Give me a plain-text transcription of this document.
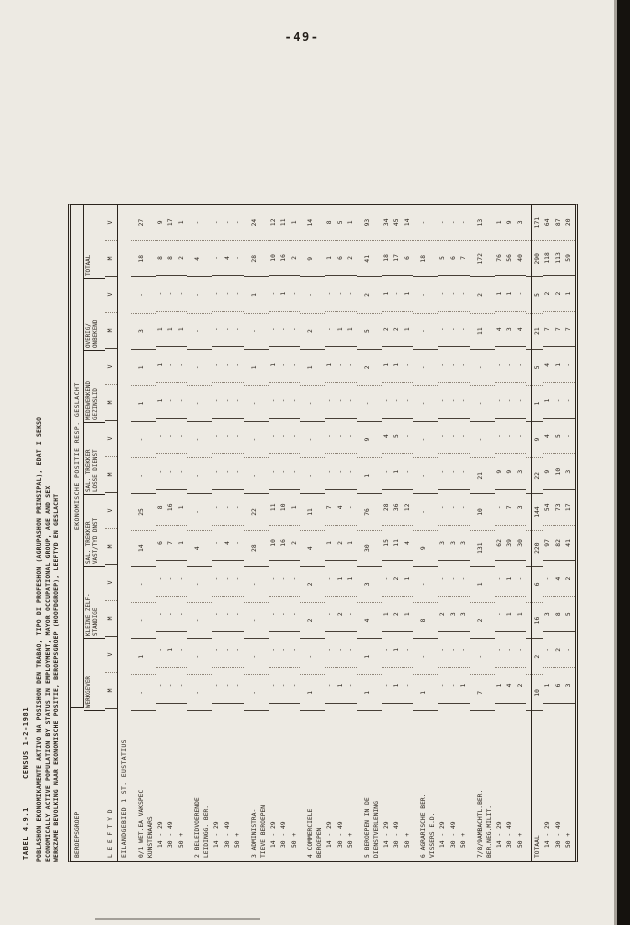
-49-
TABEL 4.9.1CENSUS 1-2-1981 POBLASHON EKONOMIKAMENTE AKTIVO NA POSISHON DEN TRABAO, TIPO DI PROFESHON (AGRUPASHON PRINSIPAL), EDAT I SEKSO ECONOMICALLY ACTIVE POPULATION BY STATUS IN EMPLOYMENT, MAYOR OCCUPATIONAL GROUP, AGE AND SEX WERKZAME BEVOLKING NAAR EKONOMISCHE POSITIE, BEROEPSGROEP (HOOFDGROEP), LEEFTYD EN GESLACHT	BEROEPSGROEP
EKONOMISCHE POSITIE RESP. GESLACHT
WERKGEVER
KLEINE ZELF- STANDIGE
SAL. TREKKER VAST/TYD DNST
SAL. TREKKER LOSSE DIENST
MEDEWERKEND GEZINSLID
OVERIG/ ONBEKEND
TOTAAL
L E E F T Y D
M
V
M
V
M
V
M
V
M
V
M
V
M
V
EILANDGEBIED 1 ST. EUSTATIUS	0/1 WET.EA VAKSPEC
-
1
-
-
14
25
-
-
1
1
3
-
18
27
KUNSTENAARS 14 - 29
-
-
-
-
6
8
-
-
1
1
1
-
8
9
30 - 49
-
1
-
-
7
16
-
-
-
-
1
-
8
17
50 +
-
-
-
-
1
1
-
-
-
-
1
-
2
1
2 BELEIDVOERENDE
-
-
-
-
4
-
-
-
-
-
-
-
4
-
LEIDINGG. BER. 14 - 29
-
-
-
-
-
-
-
-
-
-
-
-
-
-
30 - 49
-
-
-
-
4
-
-
-
-
-
-
-
4
-
50 +
-
-
-
-
-
-
-
-
-
-
-
-
-
-
3 ADMINISTRA-
-
-
-
-
28
22
-
-
-
1
-
1
28
24
TIEVE BEROEPEN 14 - 29
-
-
-
-
10
11
-
-
-
1
-
-
10
12
30 - 49
-
-
-
-
16
10
-
-
-
-
-
1
16
11
50 +
-
-
-
-
2
1
-
-
-
-
-
-
2
1
4 COMMERCIELE
1
-
2
2
4
11
-
-
-
1
2
-
9
14
BEROEPEN 14 - 29
-
-
-
-
1
7
-
-
-
1
-
-
1
8
30 - 49
1
-
2
1
2
4
-
-
-
-
1
-
6
5
50 +
-
-
-
1
1
-
-
-
-
-
1
-
2
1
5 BEROEPEN IN DE
1
1
4
3
30
76
1
9
-
2
5
2
41
93
DIENSTVERLENING 14 - 29
-
-
1
-
15
28
-
4
-
1
2
1
18
34
30 - 49
1
1
2
2
11
36
1
5
-
1
2
-
17
45
50 +
-
-
1
1
4
12
-
-
-
-
1
1
6
14
6 AGRARISCHE BER.
1
-
8
-
9
-
-
-
-
-
-
-
18
-
VISSERS E.D. 14 - 29
-
-
2
-
3
-
-
-
-
-
-
-
5
-
30 - 49
-
-
3
-
3
-
-
-
-
-
-
-
6
-
50 +
1
-
3
-
3
-
-
-
-
-
-
-
7
-
7/8/9AMBACHTL.BER.
7
-
2
1
131
10
21
-
-
-
11
2
172
13
BER.NEG.MILIT. 14 - 29
1
-
-
-
62
-
9
-
-
-
4
1
76
1
30 - 49
4
-
1
1
39
7
9
-
-
-
3
1
56
9
50 +
2
-
1
-
30
3
3
-
-
-
4
-
40
3
TOTAAL
10
2
16
6
220
144
22
9
1
5
21
5
290
171
14 - 29
1
-
3
-
97
54
9
4
1
4
7
2
118
64
30 - 49
6
2
8
4
82
73
10
5
-
1
7
2
113
87
50 +
3
-
5
2
41
17
3
-
-
-
7
1
59
20
